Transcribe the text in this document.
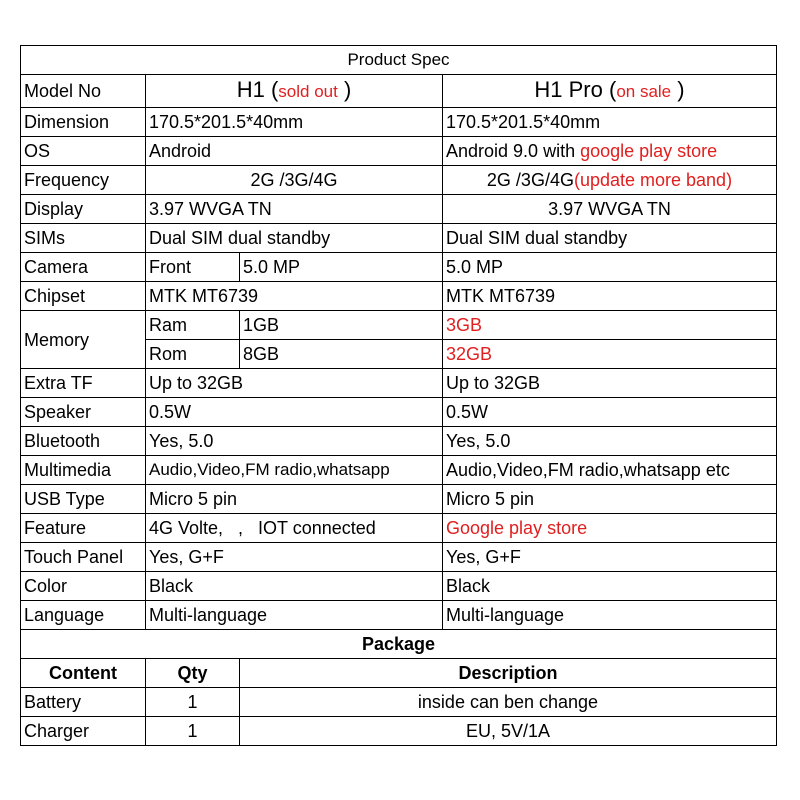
Product Spec			
Model No	H1 (sold out )		H1 Pro (on sale )
Dimension	170.5*201.5*40mm		170.5*201.5*40mm
OS	Android		Android 9.0 with google play store
Frequency	2G /3G/4G		2G /3G/4G(update more band)
Display	3.97 WVGA TN		3.97 WVGA TN
SIMs	Dual SIM dual standby		Dual SIM dual standby
Camera	Front	5.0 MP	5.0 MP
Chipset	MTK MT6739		MTK MT6739
Memory	Ram	1GB	3GB
	Rom	8GB	32GB
Extra TF	Up to 32GB		Up to 32GB
Speaker	0.5W		0.5W
Bluetooth	Yes, 5.0		Yes, 5.0
Multimedia	Audio,Video,FM radio,whatsapp		Audio,Video,FM radio,whatsapp etc
USB Type	Micro 5 pin		Micro 5 pin
Feature	4G Volte,   ,   IOT connected		Google play store
Touch Panel	Yes, G+F		Yes, G+F
Color	Black		Black
Language	Multi-language		Multi-language
Package		
Content	Qty	Description
Battery	1	inside can ben change
Charger	1	EU, 5V/1A
